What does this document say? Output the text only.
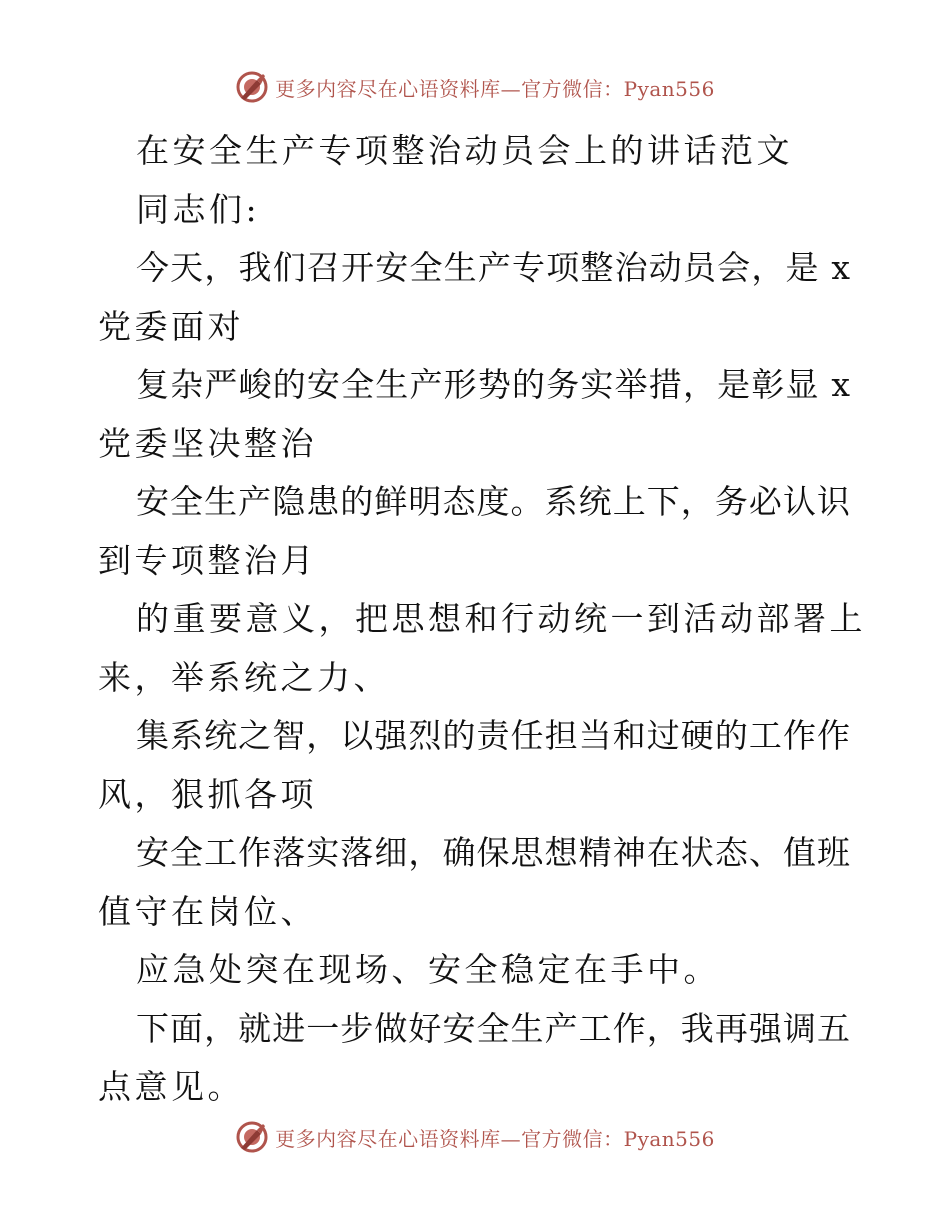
更多内容尽在心语资料库—官方微信：Pyan556
在安全生产专项整治动员会上的讲话范文
同志们:
今天，我们召开安全生产专项整治动员会，是 x
党委面对
复杂严峻的安全生产形势的务实举措，是彰显 x
党委坚决整治
安全生产隐患的鲜明态度。系统上下，务必认识
到专项整治月
的重要意义，把思想和行动统一到活动部署上
来，举系统之力、
集系统之智，以强烈的责任担当和过硬的工作作
风，狠抓各项
安全工作落实落细，确保思想精神在状态、值班
值守在岗位、
应急处突在现场、安全稳定在手中。
下面，就进一步做好安全生产工作，我再强调五
点意见。
更多内容尽在心语资料库—官方微信：Pyan556
